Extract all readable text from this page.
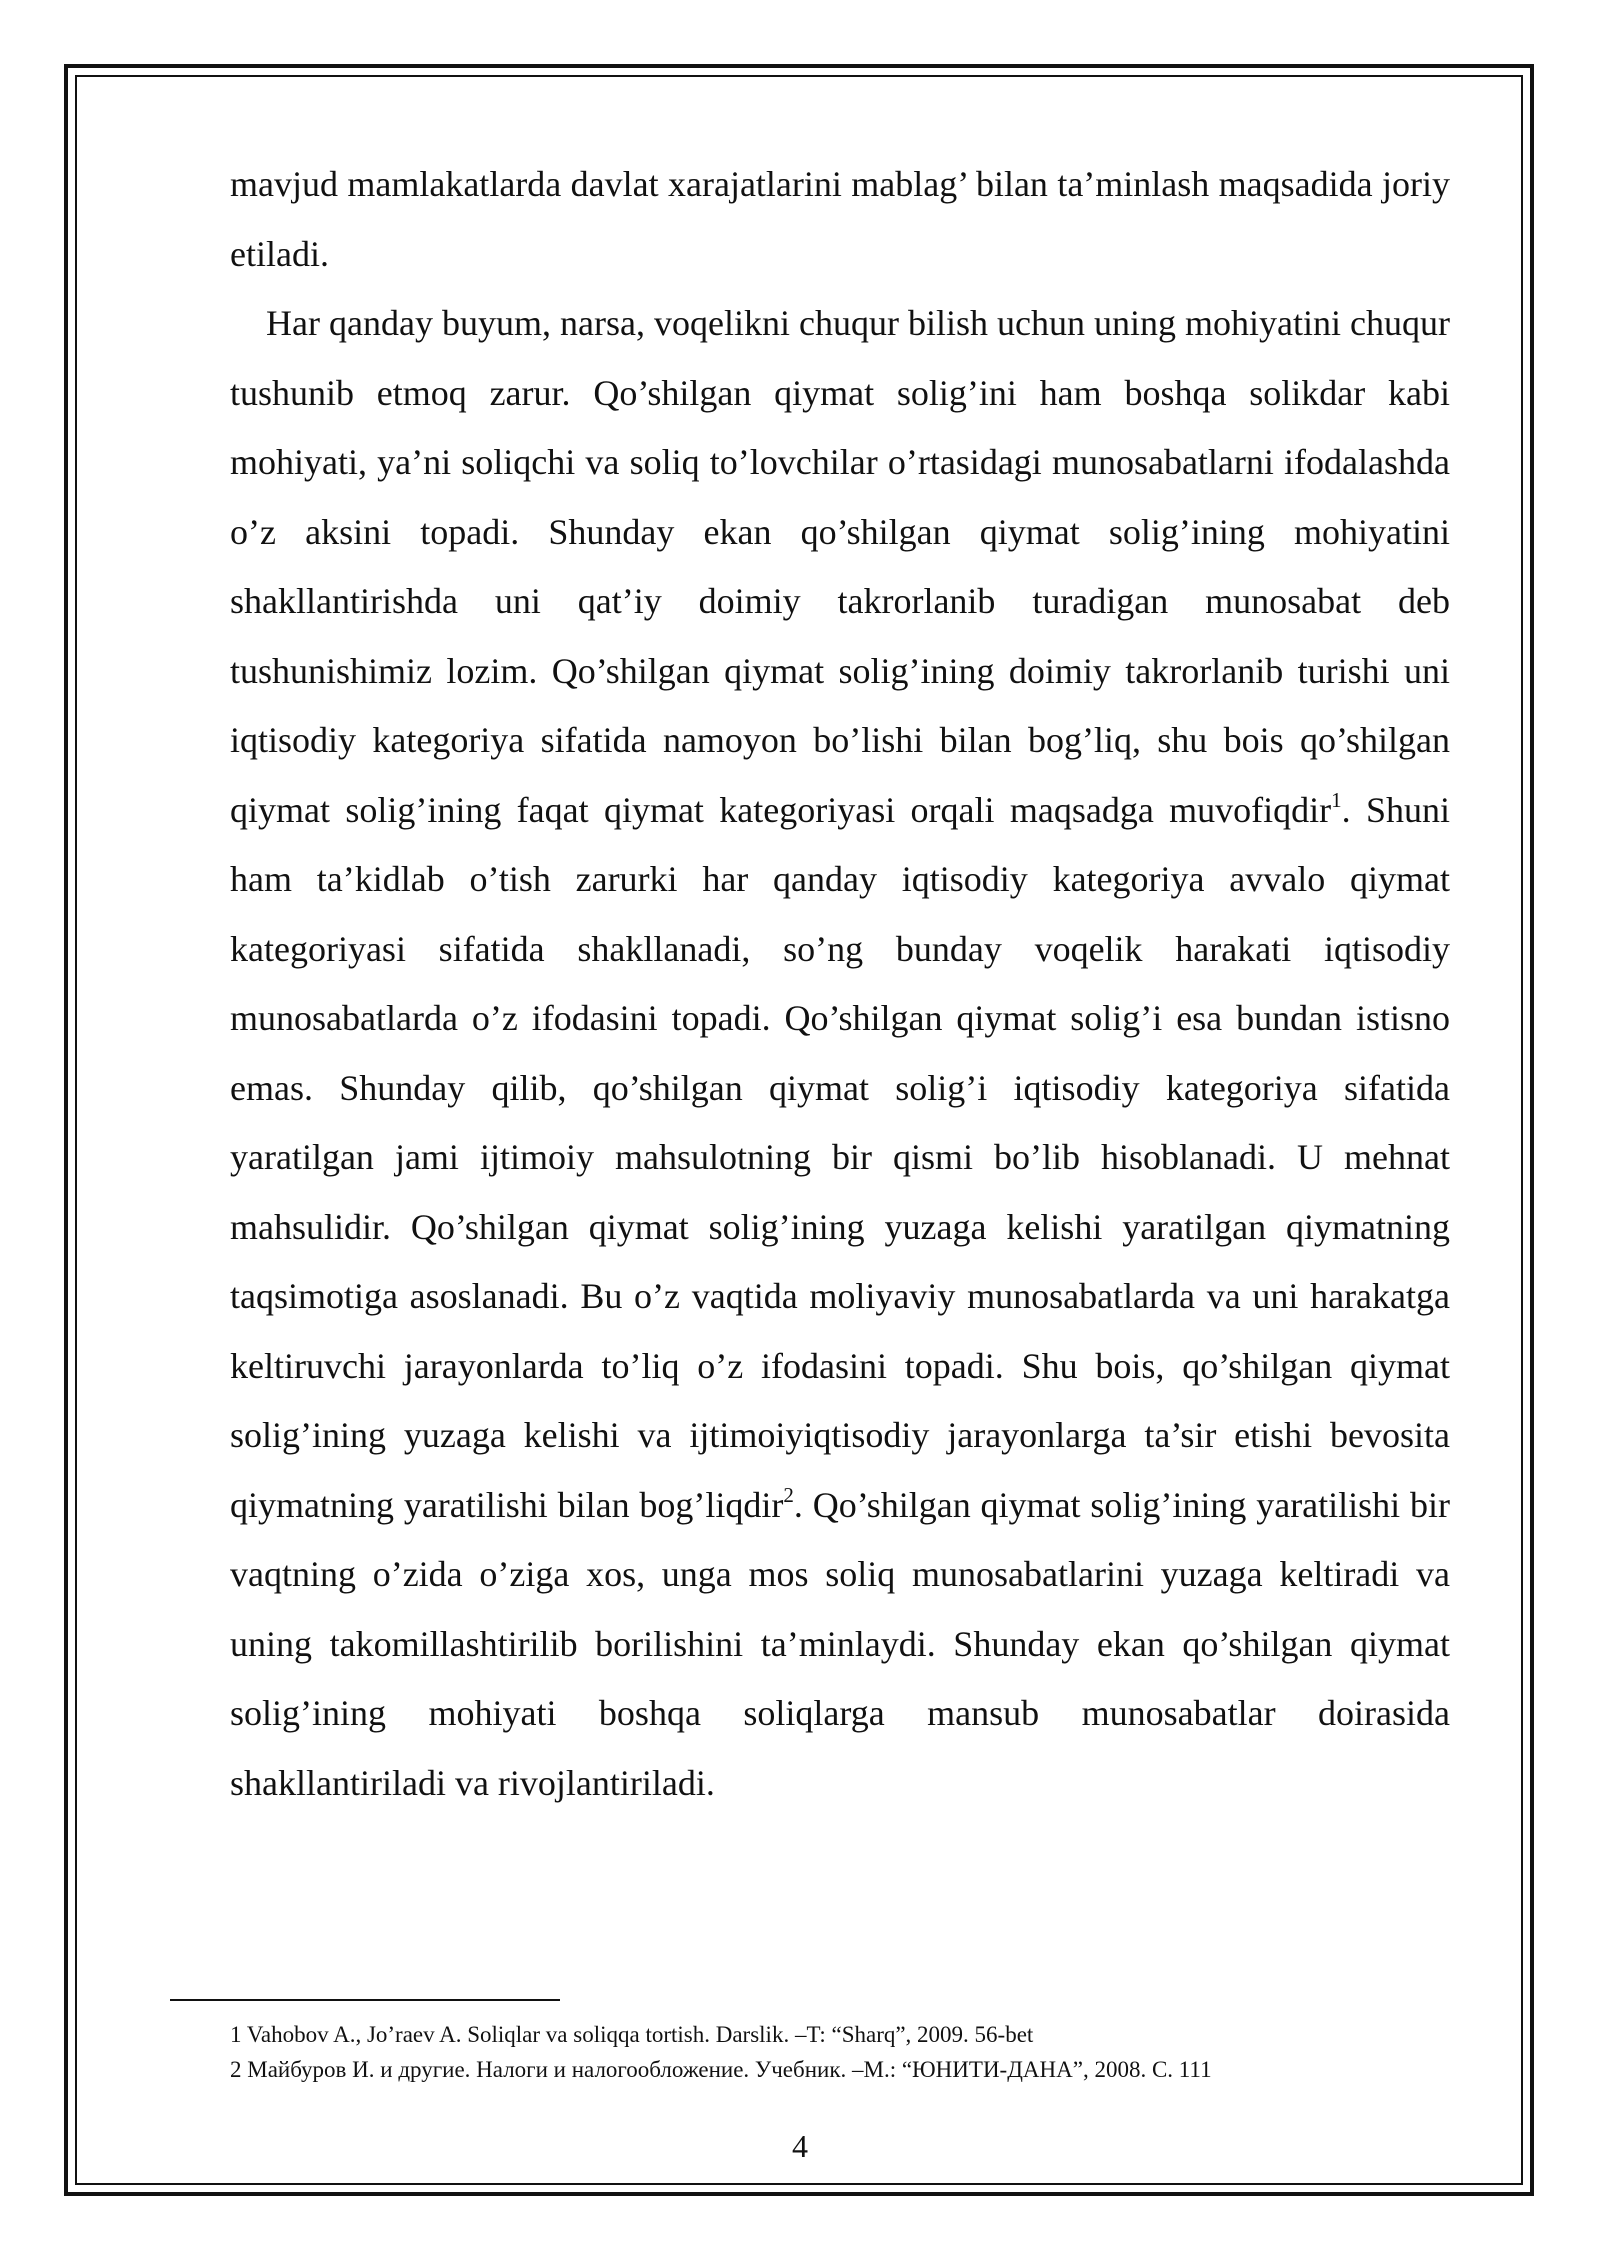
mavjud mamlakatlarda davlat xarajatlarini mablag’ bilan ta’minlash maqsadida joriy etiladi.

Har qanday buyum, narsa, voqelikni chuqur bilish uchun uning mohiyatini chuqur tushunib etmoq zarur. Qo’shilgan qiymat solig’ini ham boshqa solikdar kabi mohiyati, ya’ni soliqchi va soliq to’lovchilar o’rtasidagi munosabatlarni ifodalashda o’z aksini topadi. Shunday ekan qo’shilgan qiymat solig’ining mohiyatini shakllantirishda uni qat’iy doimiy takrorlanib turadigan munosabat deb tushunishimiz lozim. Qo’shilgan qiymat solig’ining doimiy takrorlanib turishi uni iqtisodiy kategoriya sifatida namoyon bo’lishi bilan bog’liq, shu bois qo’shilgan qiymat solig’ining faqat qiymat kategoriyasi orqali maqsadga muvofiqdir$^1$. Shuni ham ta’kidlab o’tish zarurki har qanday iqtisodiy kategoriya avvalo qiymat kategoriyasi sifatida shakllanadi, so’ng bunday voqelik harakati iqtisodiy munosabatlarda o’z ifodasini topadi. Qo’shilgan qiymat solig’i esa bundan istisno emas. Shunday qilib, qo’shilgan qiymat solig’i iqtisodiy kategoriya sifatida yaratilgan jami ijtimoiy mahsulotning bir qismi bo’lib hisoblanadi. U mehnat mahsulidir. Qo’shilgan qiymat solig’ining yuzaga kelishi yaratilgan qiymatning taqsimotiga asoslanadi. Bu o’z vaqtida moliyaviy munosabatlarda va uni harakatga keltiruvchi jarayonlarda to’liq o’z ifodasini topadi. Shu bois, qo’shilgan qiymat solig’ining yuzaga kelishi va ijtimoiyiqtisodiy jarayonlarga ta’sir etishi bevosita qiymatning yaratilishi bilan bog’liqdir$^2$. Qo’shilgan qiymat solig’ining yaratilishi bir vaqtning o’zida o’ziga xos, unga mos soliq munosabatlarini yuzaga keltiradi va uning takomillashtirilib borilishini ta’minlaydi. Shunday ekan qo’shilgan qiymat solig’ining mohiyati boshqa soliqlarga mansub munosabatlar doirasida shakllantiriladi va rivojlantiriladi.

1 Vahobov A., Jo’raev A. Soliqlar va soliqqa tortish. Darslik. –T: “Sharq”, 2009. 56-bet

2 Майбуров И. и другие. Налоги и налогообложение. Учебник. –М.: “ЮНИТИ-ДАНА”, 2008. С. 111

4
